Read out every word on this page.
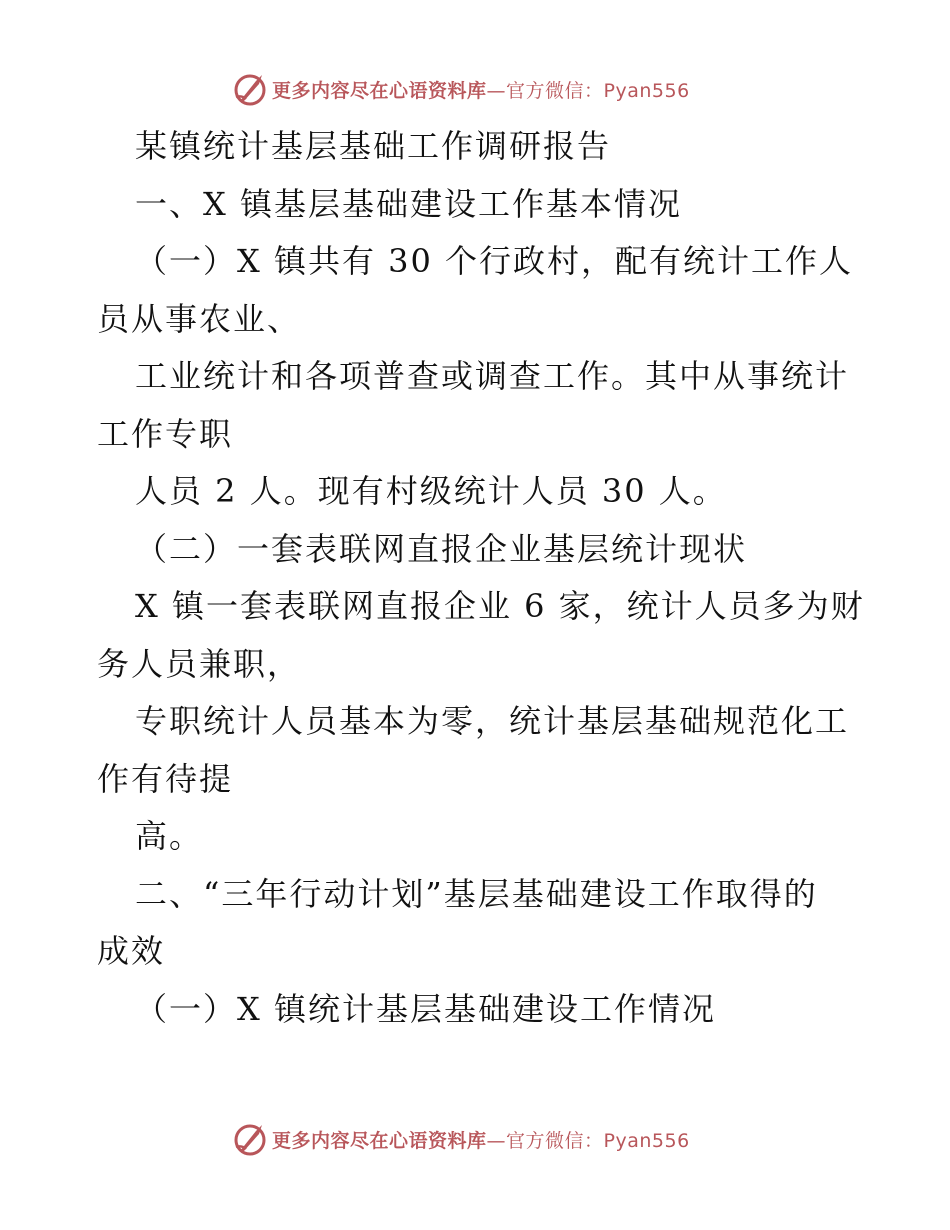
更多内容尽在心语资料库—官方微信：Pyan556
某镇统计基层基础工作调研报告
一、X 镇基层基础建设工作基本情况
（一）X 镇共有 30 个行政村，配有统计工作人
员从事农业、
工业统计和各项普查或调查工作。其中从事统计
工作专职
人员 2 人。现有村级统计人员 30 人。
（二）一套表联网直报企业基层统计现状
X 镇一套表联网直报企业 6 家，统计人员多为财
务人员兼职，
专职统计人员基本为零，统计基层基础规范化工
作有待提
高。
二、“三年行动计划”基层基础建设工作取得的
成效
（一）X 镇统计基层基础建设工作情况
更多内容尽在心语资料库—官方微信：Pyan556
